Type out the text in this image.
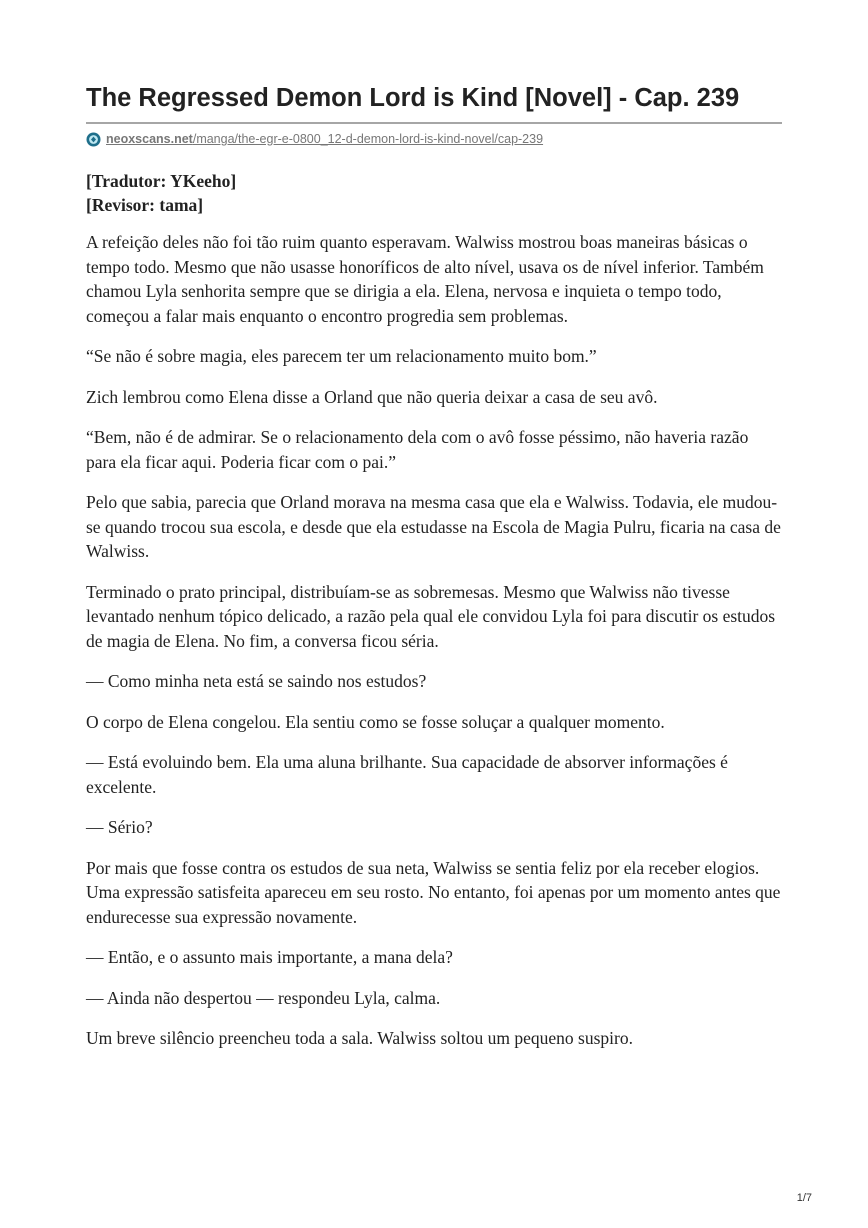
The Regressed Demon Lord is Kind [Novel] - Cap. 239
neoxscans.net/manga/the-egr-e-0800_12-d-demon-lord-is-kind-novel/cap-239
[Tradutor: YKeeho]
[Revisor: tama]

A refeição deles não foi tão ruim quanto esperavam. Walwiss mostrou boas maneiras básicas o tempo todo. Mesmo que não usasse honoríficos de alto nível, usava os de nível inferior. Também chamou Lyla senhorita sempre que se dirigia a ela. Elena, nervosa e inquieta o tempo todo, começou a falar mais enquanto o encontro progredia sem problemas.

“Se não é sobre magia, eles parecem ter um relacionamento muito bom.”

Zich lembrou como Elena disse a Orland que não queria deixar a casa de seu avô.

“Bem, não é de admirar. Se o relacionamento dela com o avô fosse péssimo, não haveria razão para ela ficar aqui. Poderia ficar com o pai.”

Pelo que sabia, parecia que Orland morava na mesma casa que ela e Walwiss. Todavia, ele mudou-se quando trocou sua escola, e desde que ela estudasse na Escola de Magia Pulru, ficaria na casa de Walwiss.

Terminado o prato principal, distribuíam-se as sobremesas. Mesmo que Walwiss não tivesse levantado nenhum tópico delicado, a razão pela qual ele convidou Lyla foi para discutir os estudos de magia de Elena. No fim, a conversa ficou séria.

— Como minha neta está se saindo nos estudos?

O corpo de Elena congelou. Ela sentiu como se fosse soluçar a qualquer momento.

— Está evoluindo bem. Ela uma aluna brilhante. Sua capacidade de absorver informações é excelente.

— Sério?

Por mais que fosse contra os estudos de sua neta, Walwiss se sentia feliz por ela receber elogios. Uma expressão satisfeita apareceu em seu rosto. No entanto, foi apenas por um momento antes que endurecesse sua expressão novamente.

— Então, e o assunto mais importante, a mana dela?

— Ainda não despertou — respondeu Lyla, calma.

Um breve silêncio preencheu toda a sala. Walwiss soltou um pequeno suspiro.

1/7
